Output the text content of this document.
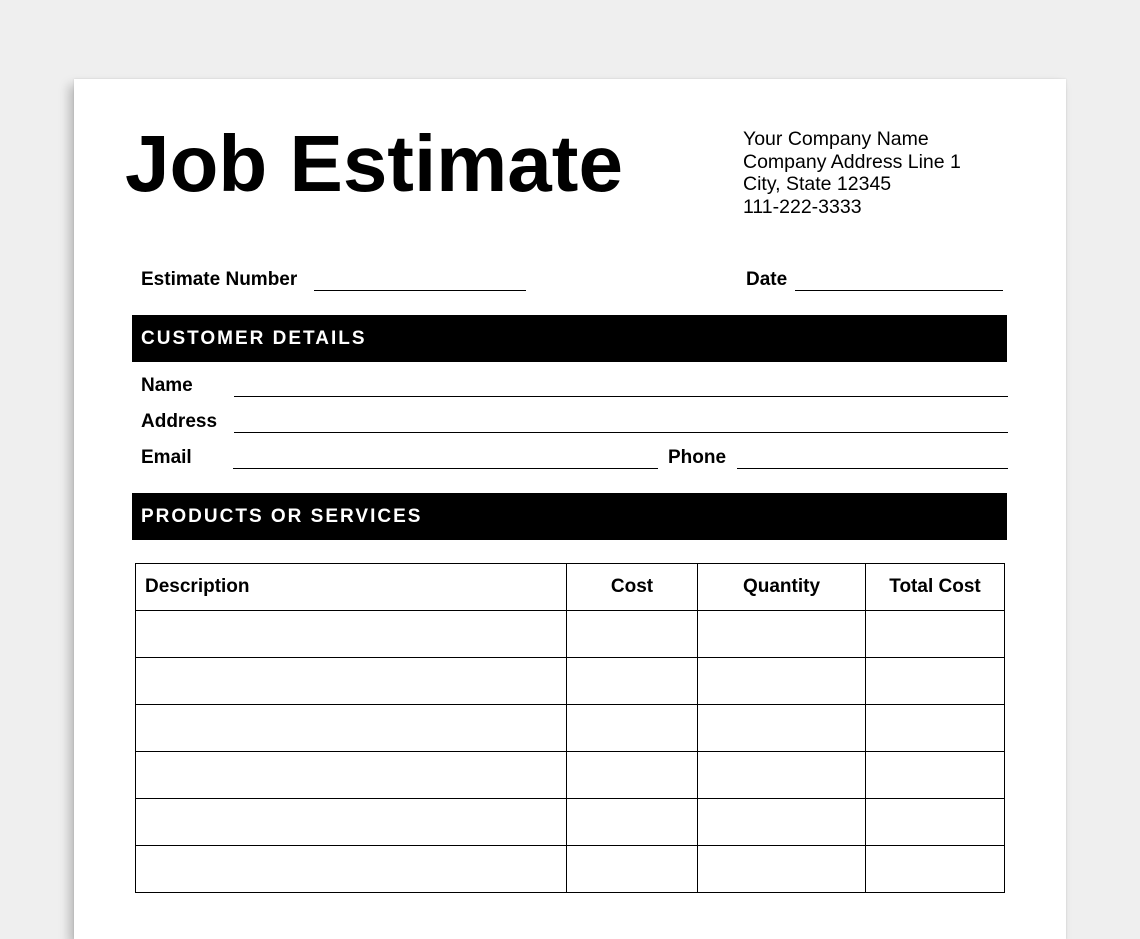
Job Estimate	Your Company Name
Company Address Line 1
City, State 12345
111-222-3333
Estimate Number	Date
CUSTOMER DETAILS
Name
Address
Email	Phone
PRODUCTS OR SERVICES
Description	Cost	Quantity	Total Cost
